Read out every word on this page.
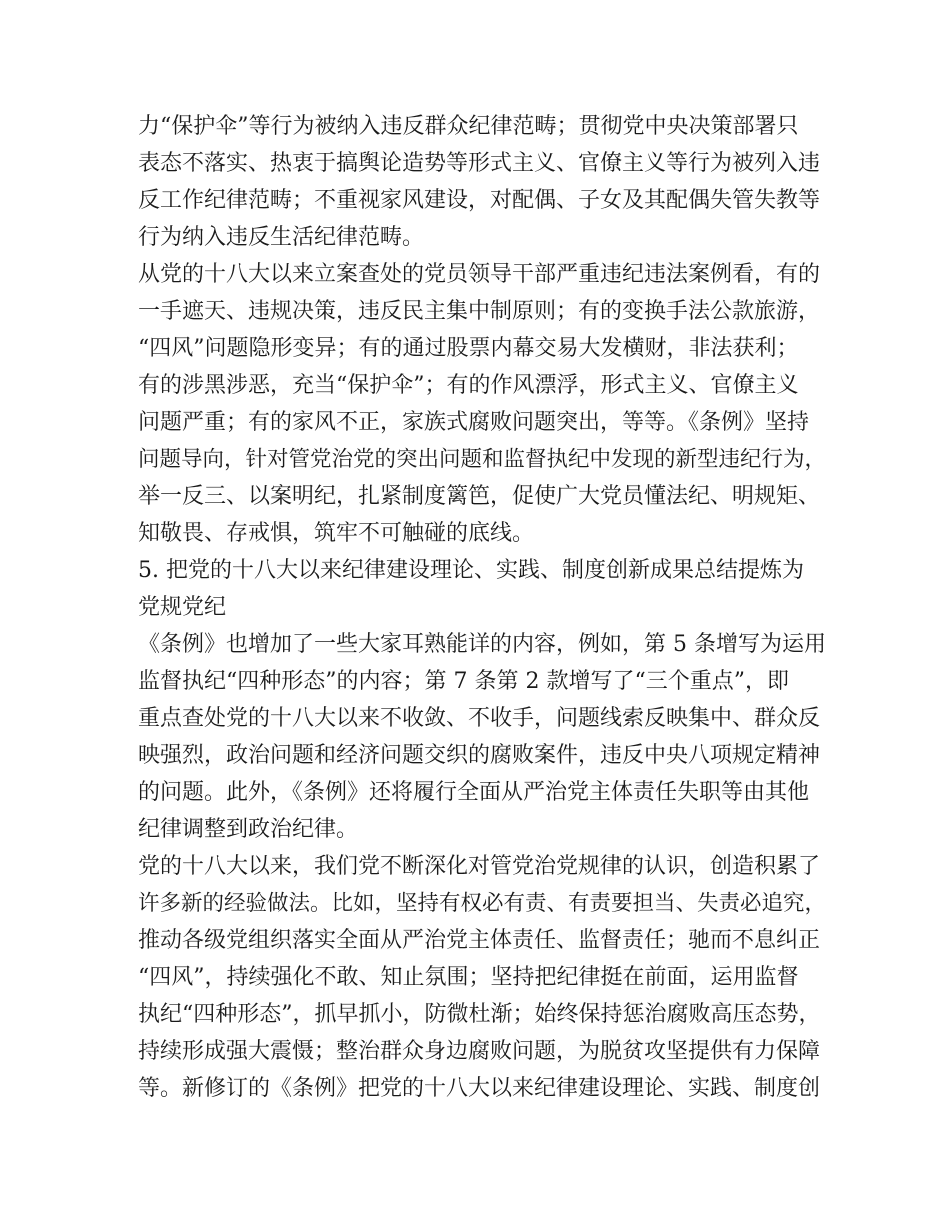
力“保护伞”等行为被纳入违反群众纪律范畴；贯彻党中央决策部署只
表态不落实、热衷于搞舆论造势等形式主义、官僚主义等行为被列入违
反工作纪律范畴；不重视家风建设，对配偶、子女及其配偶失管失教等
行为纳入违反生活纪律范畴。
从党的十八大以来立案查处的党员领导干部严重违纪违法案例看，有的
一手遮天、违规决策，违反民主集中制原则；有的变换手法公款旅游，
“四风”问题隐形变异；有的通过股票内幕交易大发横财，非法获利；
有的涉黑涉恶，充当“保护伞”；有的作风漂浮，形式主义、官僚主义
问题严重；有的家风不正，家族式腐败问题突出，等等。《条例》坚持
问题导向，针对管党治党的突出问题和监督执纪中发现的新型违纪行为，
举一反三、以案明纪，扎紧制度篱笆，促使广大党员懂法纪、明规矩、
知敬畏、存戒惧，筑牢不可触碰的底线。
5. 把党的十八大以来纪律建设理论、实践、制度创新成果总结提炼为
党规党纪
《条例》也增加了一些大家耳熟能详的内容，例如，第 5 条增写为运用
监督执纪“四种形态”的内容；第 7 条第 2 款增写了“三个重点”，即
重点查处党的十八大以来不收敛、不收手，问题线索反映集中、群众反
映强烈，政治问题和经济问题交织的腐败案件，违反中央八项规定精神
的问题。此外，《条例》还将履行全面从严治党主体责任失职等由其他
纪律调整到政治纪律。
党的十八大以来，我们党不断深化对管党治党规律的认识，创造积累了
许多新的经验做法。比如，坚持有权必有责、有责要担当、失责必追究，
推动各级党组织落实全面从严治党主体责任、监督责任；驰而不息纠正
“四风”，持续强化不敢、知止氛围；坚持把纪律挺在前面，运用监督
执纪“四种形态”，抓早抓小，防微杜渐；始终保持惩治腐败高压态势，
持续形成强大震慑；整治群众身边腐败问题，为脱贫攻坚提供有力保障
等。新修订的《条例》把党的十八大以来纪律建设理论、实践、制度创
